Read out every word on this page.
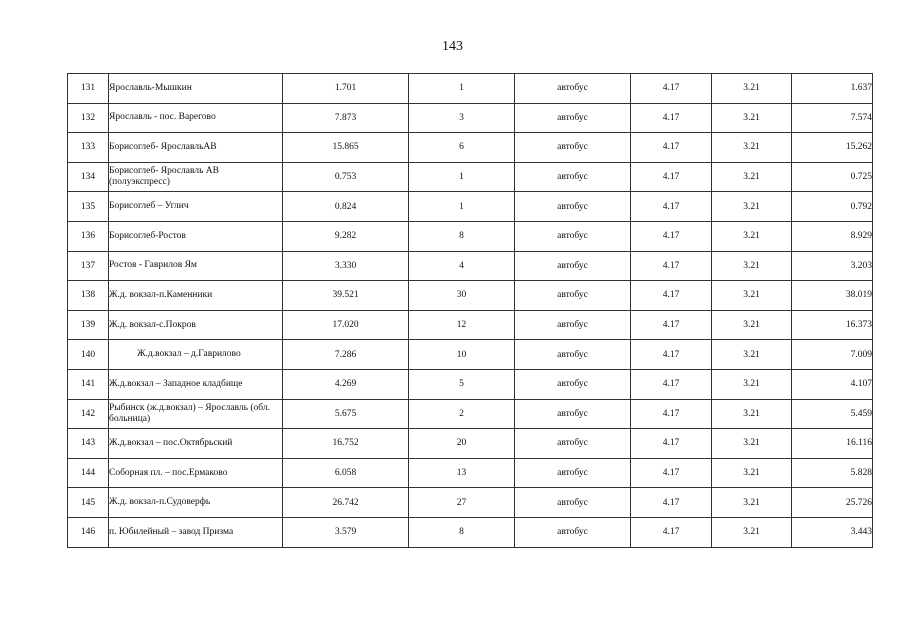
143
131	Ярославль-Мышкин	1.701	1	автобус	4.17	3.21	1.637
132	Ярославль - пос. Варегово	7.873	3	автобус	4.17	3.21	7.574
133	Борисоглеб- ЯрославльАВ	15.865	6	автобус	4.17	3.21	15.262
134	Борисоглеб- Ярославль АВ (полуэкспресс)	0.753	1	автобус	4.17	3.21	0.725
135	Борисоглеб – Углич	0.824	1	автобус	4.17	3.21	0.792
136	Борисоглеб-Ростов	9.282	8	автобус	4.17	3.21	8.929
137	Ростов - Гаврилов Ям	3.330	4	автобус	4.17	3.21	3.203
138	Ж.д. вокзал-п.Каменники	39.521	30	автобус	4.17	3.21	38.019
139	Ж.д. вокзал-с.Покров	17.020	12	автобус	4.17	3.21	16.373
140	Ж.д.вокзал – д.Гаврилово	7.286	10	автобус	4.17	3.21	7.009
141	Ж.д.вокзал – Западное кладбище	4.269	5	автобус	4.17	3.21	4.107
142	Рыбинск (ж.д.вокзал) – Ярославль (обл. больница)	5.675	2	автобус	4.17	3.21	5.459
143	Ж.д.вокзал – пос.Октябрьский	16.752	20	автобус	4.17	3.21	16.116
144	Соборная пл. – пос.Ермаково	6.058	13	автобус	4.17	3.21	5.828
145	Ж.д. вокзал-п.Судоверфь	26.742	27	автобус	4.17	3.21	25.726
146	п. Юбилейный – завод Призма	3.579	8	автобус	4.17	3.21	3.443
